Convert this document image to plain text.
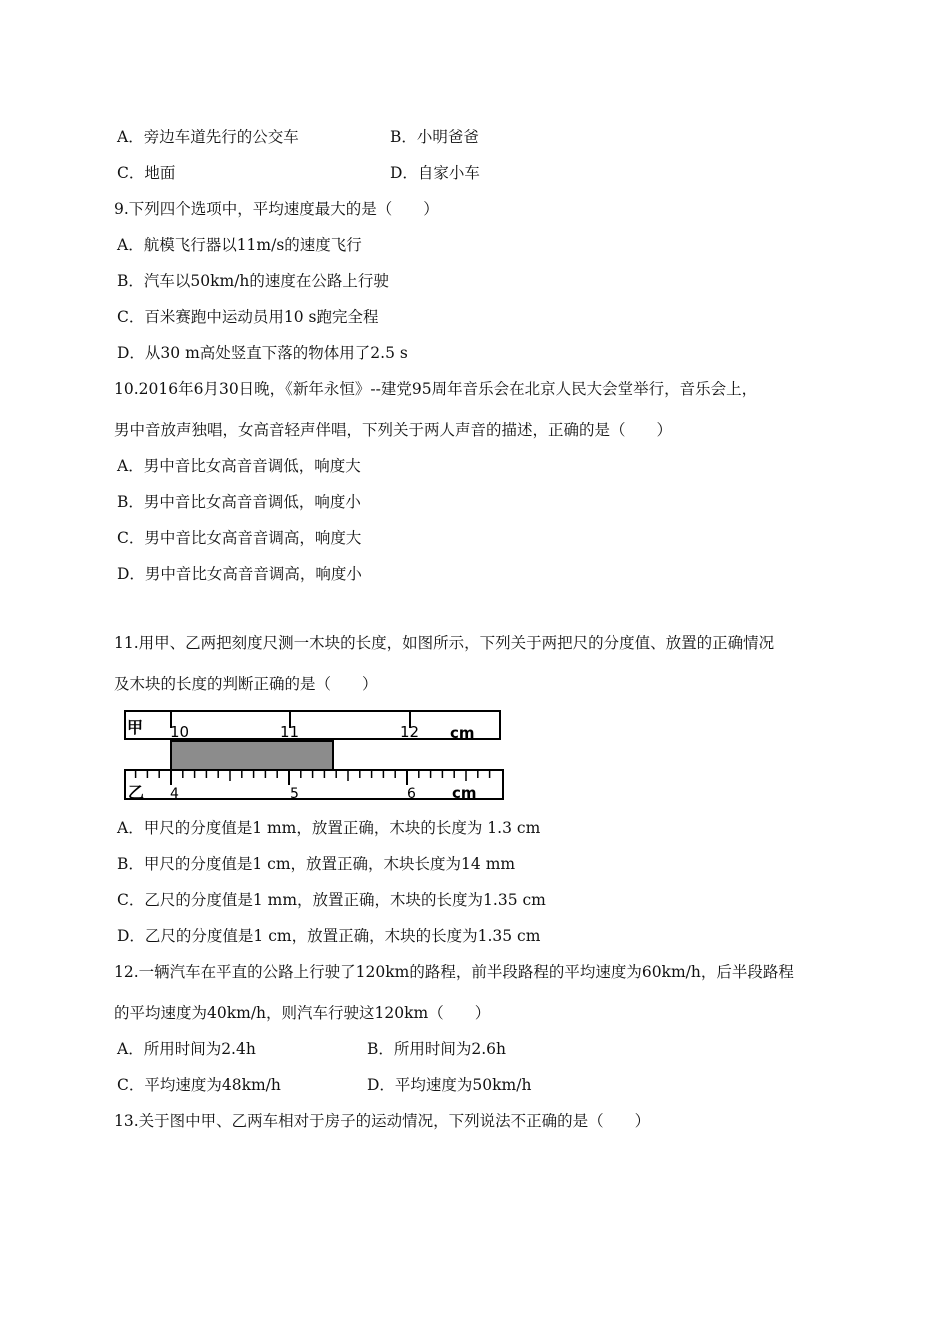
A．旁边车道先行的公交车	B．小明爸爸
C．地面	D．自家小车
9.下列四个选项中，平均速度最大的是（　　）
A．航模飞行器以11m/s的速度飞行
B．汽车以50km/h的速度在公路上行驶
C．百米赛跑中运动员用10 s跑完全程
D．从30 m高处竖直下落的物体用了2.5 s
10.2016年6月30日晚，《新年永恒》--建党95周年音乐会在北京人民大会堂举行，音乐会上，
男中音放声独唱，女高音轻声伴唱，下列关于两人声音的描述，正确的是（　　）
A．男中音比女高音音调低，响度大
B．男中音比女高音音调低，响度小
C．男中音比女高音音调高，响度大
D．男中音比女高音音调高，响度小
11.用甲、乙两把刻度尺测一木块的长度，如图所示，下列关于两把尺的分度值、放置的正确情况
及木块的长度的判断正确的是（　　）
甲 10	11	12 cm
乙 4	5	6 cm
A．甲尺的分度值是1 mm，放置正确，木块的长度为 1.3 cm
B．甲尺的分度值是1 cm，放置正确，木块长度为14 mm
C．乙尺的分度值是1 mm，放置正确，木块的长度为1.35 cm
D．乙尺的分度值是1 cm，放置正确，木块的长度为1.35 cm
12.一辆汽车在平直的公路上行驶了120km的路程，前半段路程的平均速度为60km/h，后半段路程
的平均速度为40km/h，则汽车行驶这120km（　　）
A．所用时间为2.4h	B．所用时间为2.6h
C．平均速度为48km/h	D．平均速度为50km/h
13.关于图中甲、乙两车相对于房子的运动情况，下列说法不正确的是（　　）
